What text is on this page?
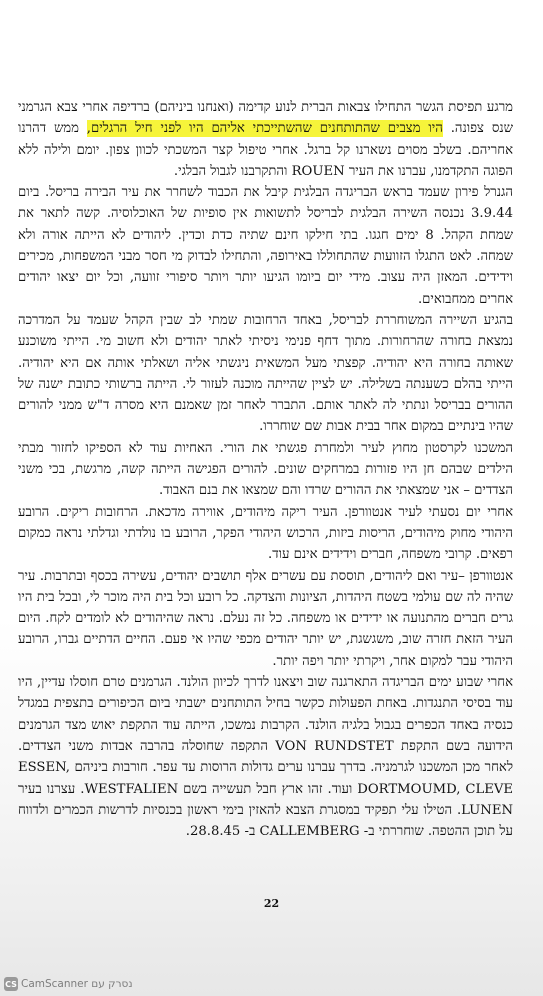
מרגע תפיסת הגשר התחילו צבאות הברית לנוע קדימה (ואנחנו ביניהם) ברדיפה אחרי צבא הגרמני שנס צפונה. היו מצבים שהתותחנים שהשתייכתי אליהם היו לפני חיל הרגלים, ממש דהרנו אחריהם. בשלב מסוים נשארנו קל ברגל. אחרי טיפול קצר המשכתי לכוון צפון. יומם ולילה ללא הפוגה התקדמנו, עברנו את העיר ROUEN והתקרבנו לגבול הבלגי.

הגנרל פירון שעמד בראש הבריגדה הבלגית קיבל את הכבוד לשחרר את עיר הבירה בריסל. ביום 3.9.44 נכנסה השירה הבלגית לבריסל לתשואות אין סופיות של האוכלוסיה. קשה לתאר את שמחת הקהל. 8 ימים חגגו. בתי חילקו חינם שתיה כדת וכדין. ליהודים לא הייתה אורה ולא שמחה. לאט התגלו הזוועות שהתחוללו באירופה, והתחילו לבדוק מי חסר מבני המשפחות, מכירים וידידים. המאזן היה עצוב. מידי יום ביומו הגיעו יותר ויותר סיפורי זוועה, וכל יום יצאו יהודים אחרים ממחבואים.

בהגיע השיירה המשוחררת לבריסל, באחד הרחובות שמתי לב שבין הקהל שעמד על המדרכה נמצאת בחורה שהרחורות. מתוך דחף פנימי ניסיתי לאתר יהודים ולא חשוב מי. הייתי משוכנע שאותה בחורה היא יהודיה. קפצתי מעל המשאית ניגשתי אליה ושאלתי אותה אם היא יהודיה. הייתי בהלם כשענתה בשלילה. יש לציין שהייתה מוכנה לעזור לי. הייתה ברשותי כתובת ישנה של ההורים בבריסל ונתתי לה לאתר אותם. התברר לאחר זמן שאמנם היא מסרה ד"ש ממני להורים שהיו בינתיים במקום אחר בבית אבות שם שוחררו.

המשכנו לקרסטון מחוץ לעיר ולמחרת פגשתי את הורי. האחיות עוד לא הספיקו לחזור מבתי הילדים שבהם חן היו פזורות במרחקים שונים. להורים הפגישה הייתה קשה, מרגשת, בכי משני הצדדים – אני שמצאתי את ההורים שרדו והם שמצאו את בנם האבוד.

אחרי יום נסעתי לעיר אנטוורפן. העיר ריקה מיהודים, אווירה מדכאת. הרחובות ריקים. הרובע היהודי מחוק מיהודים, הריסות ביזות, הרכוש היהודי הפקר, הרובע בו נולדתי וגדלתי נראה כמקום רפאים. קרובי משפחה, חברים וידידים אינם עוד.

אנטוורפן –עיר ואם ליהודים, תוססת עם עשרים אלף תושבים יהודים, עשירה בכסף ובתרבות. עיר שהיה לה שם עולמי בשטח היהדות, הציונות והצדקה. כל רובע וכל בית היה מוכר לי, ובכל בית היו גרים חברים מהתנועה או ידידים או משפחה. כל זה נעלם. נראה שהיהודים לא לומדים לקח. היום העיר הזאת חזרה שוב, משגשגת, יש יותר יהודים מכפי שהיו אי פעם. החיים הדתיים גברו, הרובע היהודי עבר למקום אחר, ויקרתי יותר ויפה יותר.

אחרי שבוע ימים הבריגדה התארגנה שוב ויצאנו לדרך לכיוון הולנד. הגרמנים טרם חוסלו עדיין, היו עוד בסיסי התנגדות. באחת הפעולות כקשר בחיל התותחנים ישבתי ביום הכיפורים בתצפית במגדל כנסיה באחד הכפרים בגבול בלגיה הולנד. הקרבות נמשכו, הייתה עוד התקפת יאוש מצד הגרמנים הידועה בשם התקפת VON RUNDSTET התקפה שחוסלה בהרבה אבדות משני הצדדים. לאחר מכן המשכנו לגרמניה. בדרך עברנו ערים גדולות הרוסות עד עפר. חורבות ביניהם ESSEN, DORTMOUMD, CLEVE ועוד. זהו ארץ חבל תעשייה בשם WESTFALIEN. עצרנו בעיר LUNEN. הטילו עלי תפקיד במסגרת הצבא להאזין בימי ראשון בכנסיות לדרשות הכמרים ולדווח על תוכן ההטפה. שוחררתי ב- CALLEMBERG ב- 28.8.45.

22
CS CamScanner נסרק עם
